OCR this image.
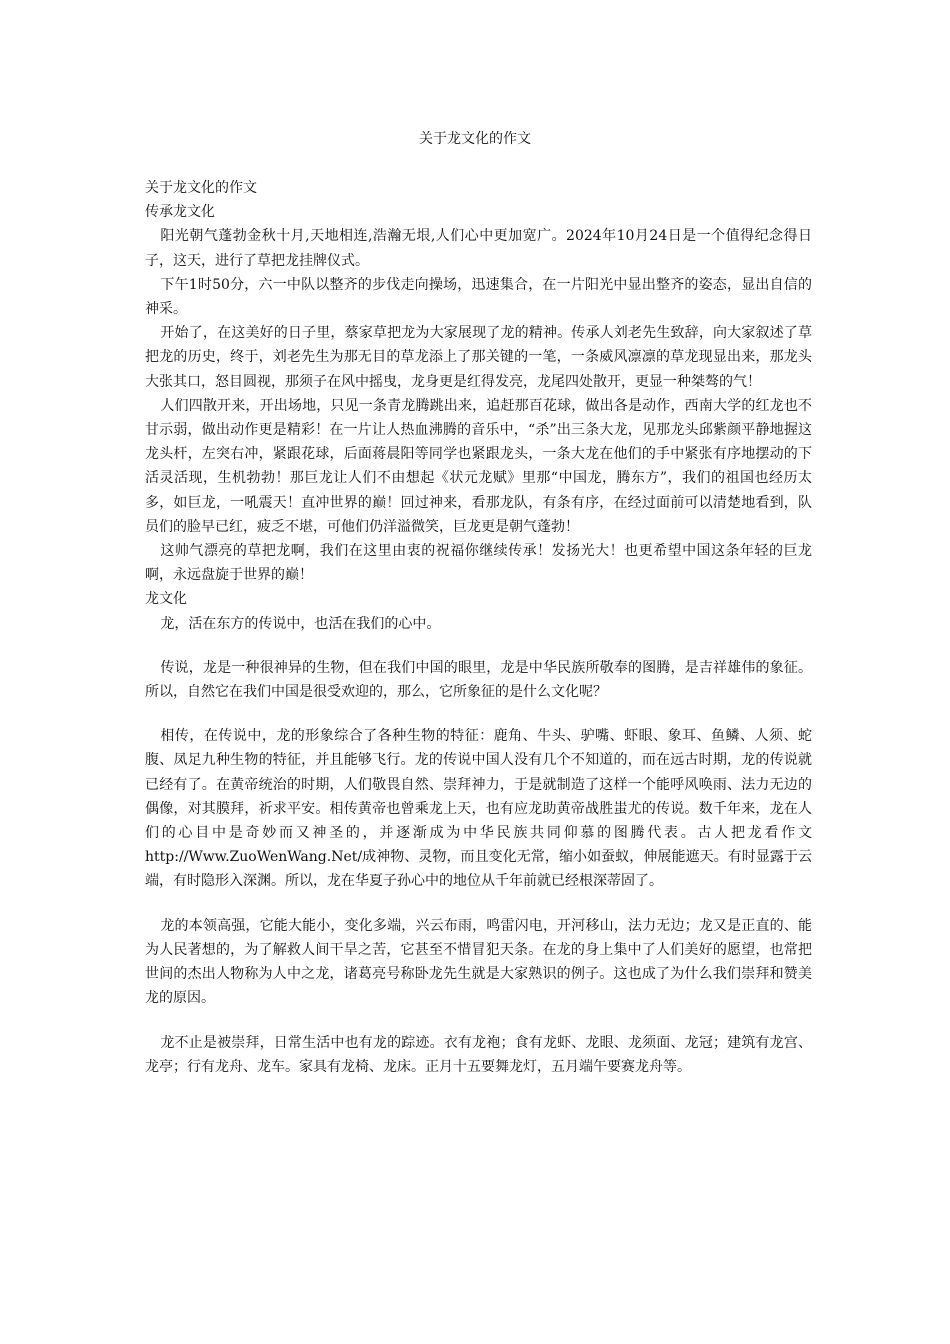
关于龙文化的作文

关于龙文化的作文

传承龙文化

阳光朝气蓬勃金秋十月,天地相连,浩瀚无垠,人们心中更加宽广。2024年10月24日是一个值得纪念得日子，这天，进行了草把龙挂牌仪式。

下午1时50分，六一中队以整齐的步伐走向操场，迅速集合，在一片阳光中显出整齐的姿态，显出自信的神采。

开始了，在这美好的日子里，蔡家草把龙为大家展现了龙的精神。传承人刘老先生致辞，向大家叙述了草把龙的历史，终于，刘老先生为那无目的草龙添上了那关键的一笔，一条威风凛凛的草龙现显出来，那龙头大张其口，怒目圆视，那须子在风中摇曳，龙身更是红得发亮，龙尾四处散开，更显一种桀骜的气！

人们四散开来，开出场地，只见一条青龙腾跳出来，追赶那百花球，做出各是动作，西南大学的红龙也不甘示弱，做出动作更是精彩！在一片让人热血沸腾的音乐中，“杀”出三条大龙，见那龙头邱紫颜平静地握这龙头杆，左突右冲，紧跟花球，后面蒋晨阳等同学也紧跟龙头，一条大龙在他们的手中紧张有序地摆动的下活灵活现，生机勃勃！那巨龙让人们不由想起《状元龙赋》里那“中国龙，腾东方”，我们的祖国也经历太多，如巨龙，一吼震天！直冲世界的巅！回过神来，看那龙队，有条有序，在经过面前可以清楚地看到，队员们的脸早已红，疲乏不堪，可他们仍洋溢微笑，巨龙更是朝气蓬勃！

这帅气漂亮的草把龙啊，我们在这里由衷的祝福你继续传承！发扬光大！也更希望中国这条年轻的巨龙啊，永远盘旋于世界的巅！

龙文化

龙，活在东方的传说中，也活在我们的心中。

传说，龙是一种很神异的生物，但在我们中国的眼里，龙是中华民族所敬奉的图腾，是吉祥雄伟的象征。所以，自然它在我们中国是很受欢迎的，那么，它所象征的是什么文化呢？

相传，在传说中，龙的形象综合了各种生物的特征：鹿角、牛头、驴嘴、虾眼、象耳、鱼鳞、人须、蛇腹、凤足九种生物的特征，并且能够飞行。龙的传说中国人没有几个不知道的，而在远古时期，龙的传说就已经有了。在黄帝统治的时期，人们敬畏自然、崇拜神力，于是就制造了这样一个能呼风唤雨、法力无边的偶像，对其膜拜，祈求平安。相传黄帝也曾乘龙上天，也有应龙助黄帝战胜蚩尤的传说。数千年来，龙在人们的心目中是奇妙而又神圣的，并逐渐成为中华民族共同仰慕的图腾代表。古人把龙看作文http://Www.ZuoWenWang.Net/成神物、灵物，而且变化无常，缩小如蚕蚁，伸展能遮天。有时显露于云端，有时隐形入深渊。所以，龙在华夏子孙心中的地位从千年前就已经根深蒂固了。

龙的本领高强，它能大能小，变化多端，兴云布雨，鸣雷闪电，开河移山，法力无边；龙又是正直的、能为人民著想的，为了解救人间干旱之苦，它甚至不惜冒犯天条。在龙的身上集中了人们美好的愿望，也常把世间的杰出人物称为人中之龙，诸葛亮号称卧龙先生就是大家熟识的例子。这也成了为什么我们崇拜和赞美龙的原因。

龙不止是被崇拜，日常生活中也有龙的踪迹。衣有龙袍；食有龙虾、龙眼、龙须面、龙冠；建筑有龙宫、龙亭；行有龙舟、龙车。家具有龙椅、龙床。正月十五要舞龙灯，五月端午要赛龙舟等。
